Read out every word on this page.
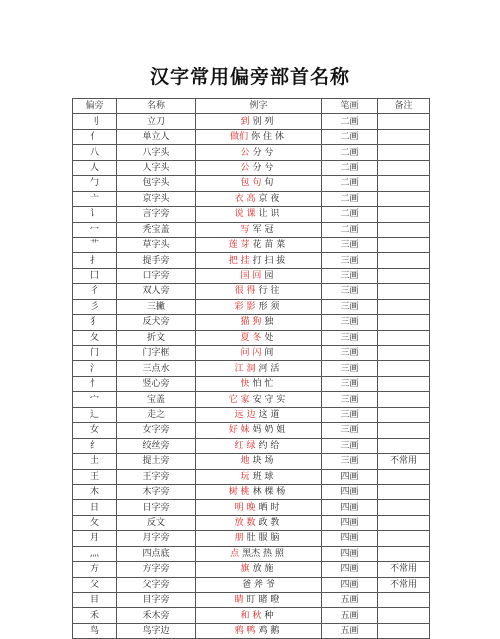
汉字常用偏旁部首名称
偏旁	名称	例字	笔画	备注
刂	立刀	到 别 列	二画	
亻	单立人	做们 你 住 休	二画	
八	八字头	公 分 兮	二画	
人	人字头	公 分 兮	二画	
勹	包字头	包 句 旬	二画	
亠	京字头	衣 高 京 夜	二画	
讠	言字旁	说 课 让 识	二画	
冖	秃宝盖	写 军 冠	二画	
艹	草字头	莲 芽 花 苗 菜	三画	
扌	提手旁	把 挂 打 扫 拔	三画	
囗	口字旁	国 回 园	三画	
彳	双人旁	很 得 行 往	三画	
彡	三撇	彩 影 形 须	三画	
犭	反犬旁	猫 狗 独	三画	
夂	折文	夏 冬 处	三画	
门	门字框	问 闪 间	三画	
氵	三点水	江 洞 河 活	三画	
忄	竖心旁	快 怕 忙	三画	
宀	宝盖	它 家 安 守 实	三画	
辶	走之	远 边 这 道	三画	
女	女字旁	好 妹 妈 奶 姐	三画	
纟	绞丝旁	红 绿 约 给	三画	
土	提土旁	地 块 场	三画	不常用
王	王字旁	玩 班 球	四画	
木	木字旁	树 桃 林 棵 杨	四画	
日	日字旁	明 晚 晒 时	四画	
攵	反文	放 数 政 教	四画	
月	月字旁	朋 肚 服 脑	四画	
灬	四点底	点 黑杰 热 照	四画	
方	方字旁	旗 放 施	四画	不常用
父	父字旁	爸 斧 爷	四画	不常用
目	目字旁	睛 盯 睹 瞪	五画	
禾	禾木旁	和 秋 种	五画	
鸟	鸟字边	鸦 鸭 鸡 鹅	五画	
